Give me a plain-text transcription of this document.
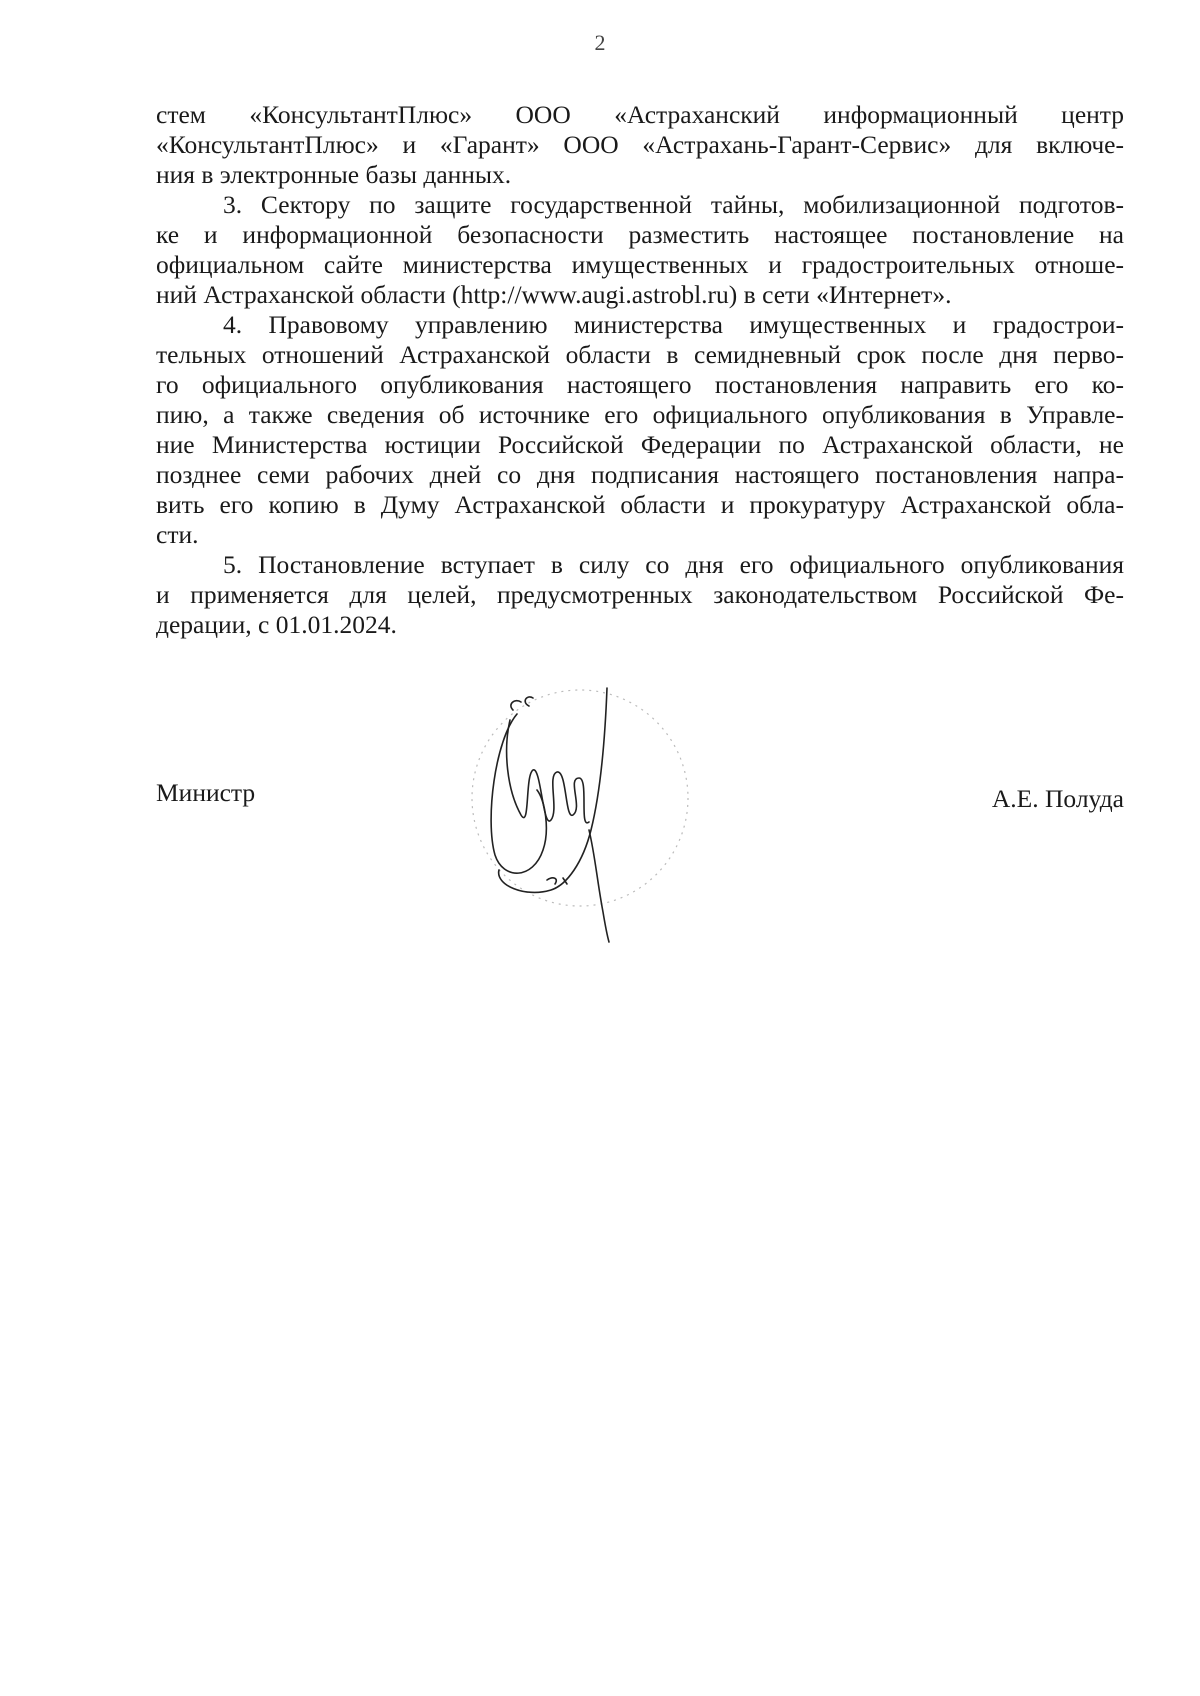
2
стем «КонсультантПлюс» ООО «Астраханский информационный центр
«КонсультантПлюс» и «Гарант» ООО «Астрахань-Гарант-Сервис» для включе-
ния в электронные базы данных.
3. Сектору по защите государственной тайны, мобилизационной подготов-
ке и информационной безопасности разместить настоящее постановление на
официальном сайте министерства имущественных и градостроительных отноше-
ний Астраханской области (http://www.augi.astrobl.ru) в сети «Интернет».
4. Правовому управлению министерства имущественных и градострои-
тельных отношений Астраханской области в семидневный срок после дня перво-
го официального опубликования настоящего постановления направить его ко-
пию, а также сведения об источнике его официального опубликования в Управле-
ние Министерства юстиции Российской Федерации по Астраханской области, не
позднее семи рабочих дней со дня подписания настоящего постановления напра-
вить его копию в Думу Астраханской области и прокуратуру Астраханской обла-
сти.
5. Постановление вступает в силу со дня его официального опубликования
и применяется для целей, предусмотренных законодательством Российской Фе-
дерации, с 01.01.2024.
Министр	А.Е. Полуда
